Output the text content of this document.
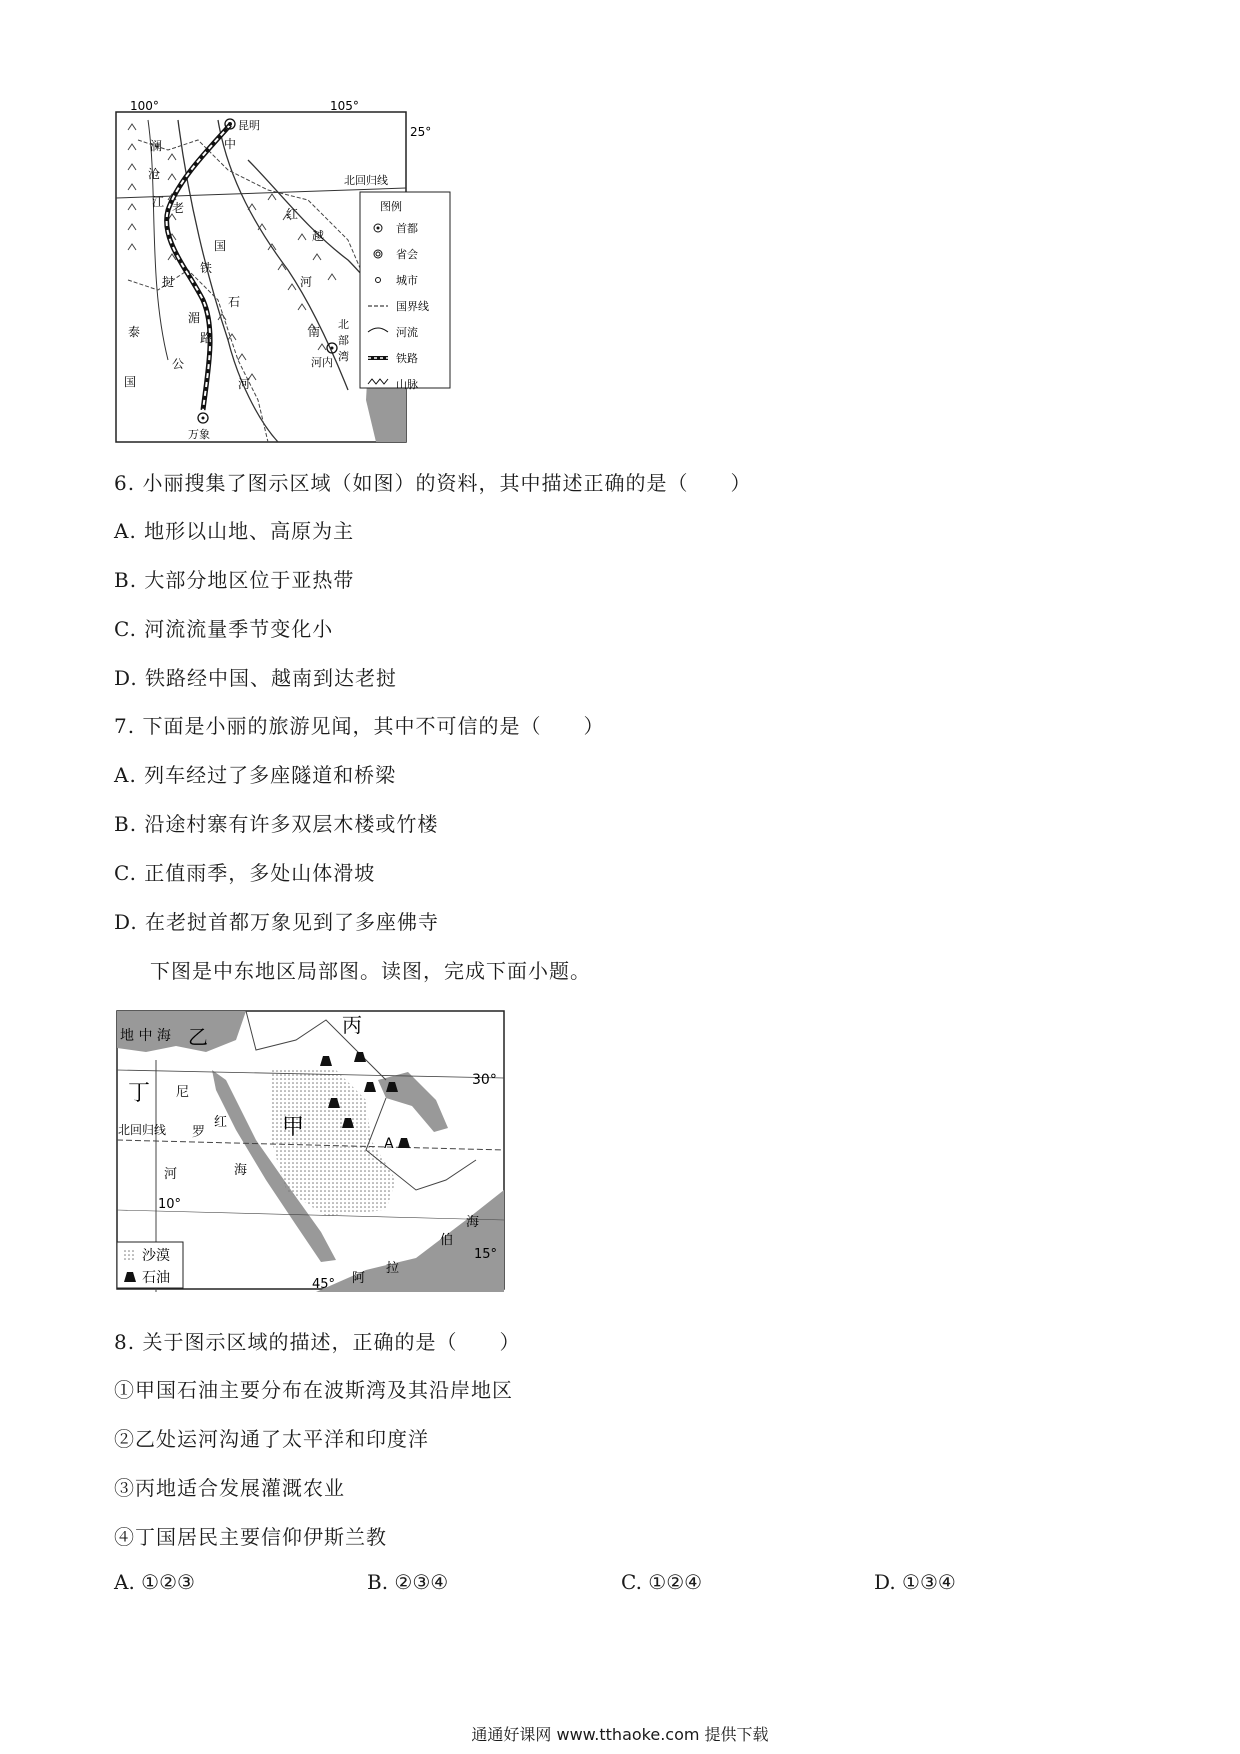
100°	105°
25°
北回归线
昆明
河内
万象
中
国
老
挝
越
南
泰
国
铁
路
红
河
澜
沧
江
湄
公
河
北
部
湾
石
图例
首都
省会
城市
国界线
河流
铁路
山脉
6. 小丽搜集了图示区域（如图）的资料，其中描述正确的是（　　）
A. 地形以山地、高原为主
B. 大部分地区位于亚热带
C. 河流流量季节变化小
D. 铁路经中国、越南到达老挝
7. 下面是小丽的旅游见闻，其中不可信的是（　　）
A. 列车经过了多座隧道和桥梁
B. 沿途村寨有许多双层木楼或竹楼
C. 正值雨季，多处山体滑坡
D. 在老挝首都万象见到了多座佛寺
下图是中东地区局部图。读图，完成下面小题。
地 中 海 乙	丙
丁
甲
A
30°
北回归线
尼
罗
河
红
海
10°
15°
45° 阿
拉
伯
海
沙漠
石油
8. 关于图示区域的描述，正确的是（　　）
①甲国石油主要分布在波斯湾及其沿岸地区
②乙处运河沟通了太平洋和印度洋
③丙地适合发展灌溉农业
④丁国居民主要信仰伊斯兰教
A. ①②③	B. ②③④	C. ①②④	D. ①③④
通通好课网 www.tthaoke.com 提供下载
